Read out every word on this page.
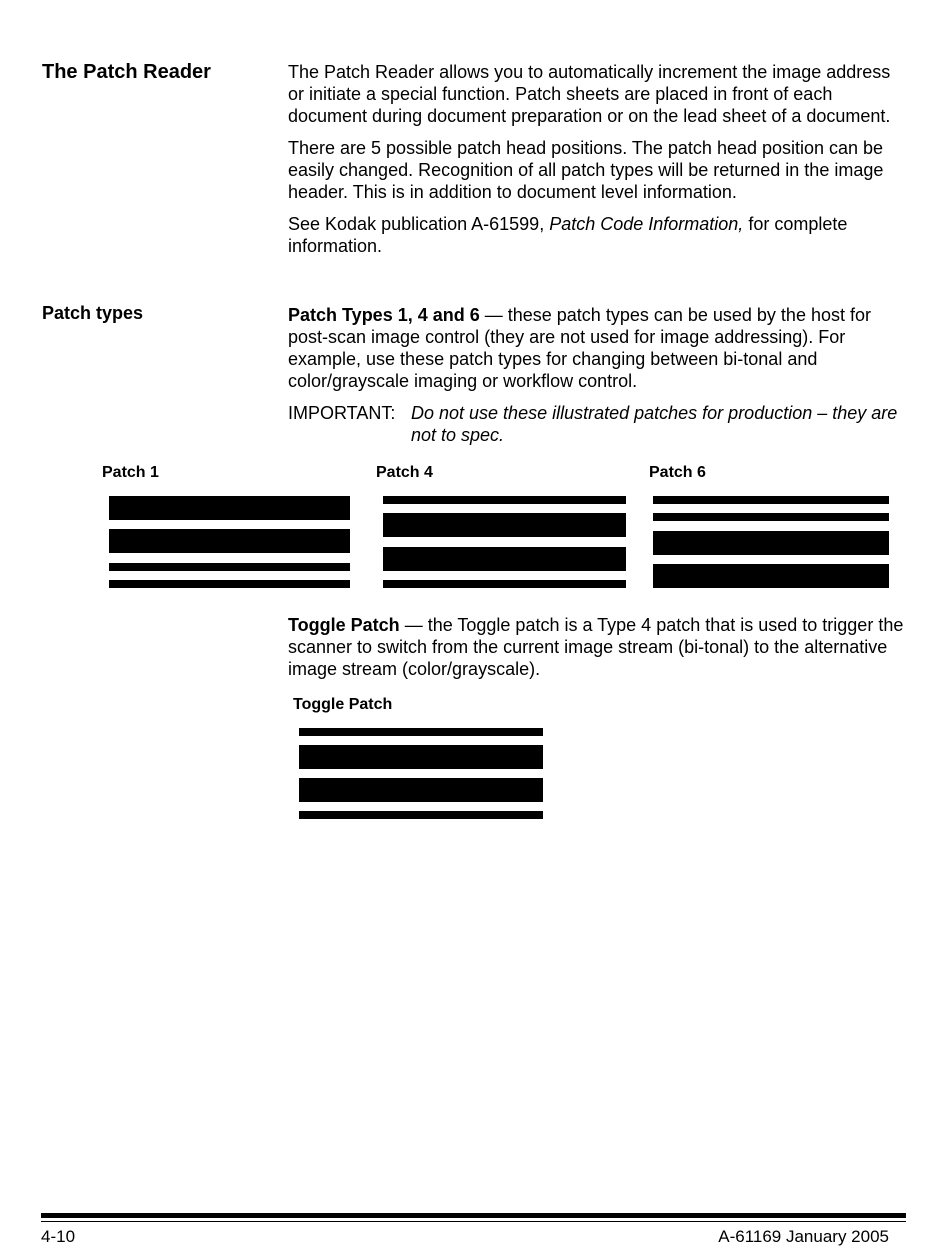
The Patch Reader	The Patch Reader allows you to automatically increment the image address or initiate a special function. Patch sheets are placed in front of each document during document preparation or on the lead sheet of a document.

There are 5 possible patch head positions. The patch head position can be easily changed. Recognition of all patch types will be returned in the image header. This is in addition to document level information.

See Kodak publication A-61599, Patch Code Information, for complete information.

Patch types	Patch Types 1, 4 and 6 — these patch types can be used by the host for post-scan image control (they are not used for image addressing). For example, use these patch types for changing between bi-tonal and color/grayscale imaging or workflow control.

IMPORTANT: Do not use these illustrated patches for production – they are not to spec.
Patch 1	Patch 4	Patch 6

Toggle Patch — the Toggle patch is a Type 4 patch that is used to trigger the scanner to switch from the current image stream (bi-tonal) to the alternative image stream (color/grayscale).

Toggle Patch
4-10	A-61169 January 2005
